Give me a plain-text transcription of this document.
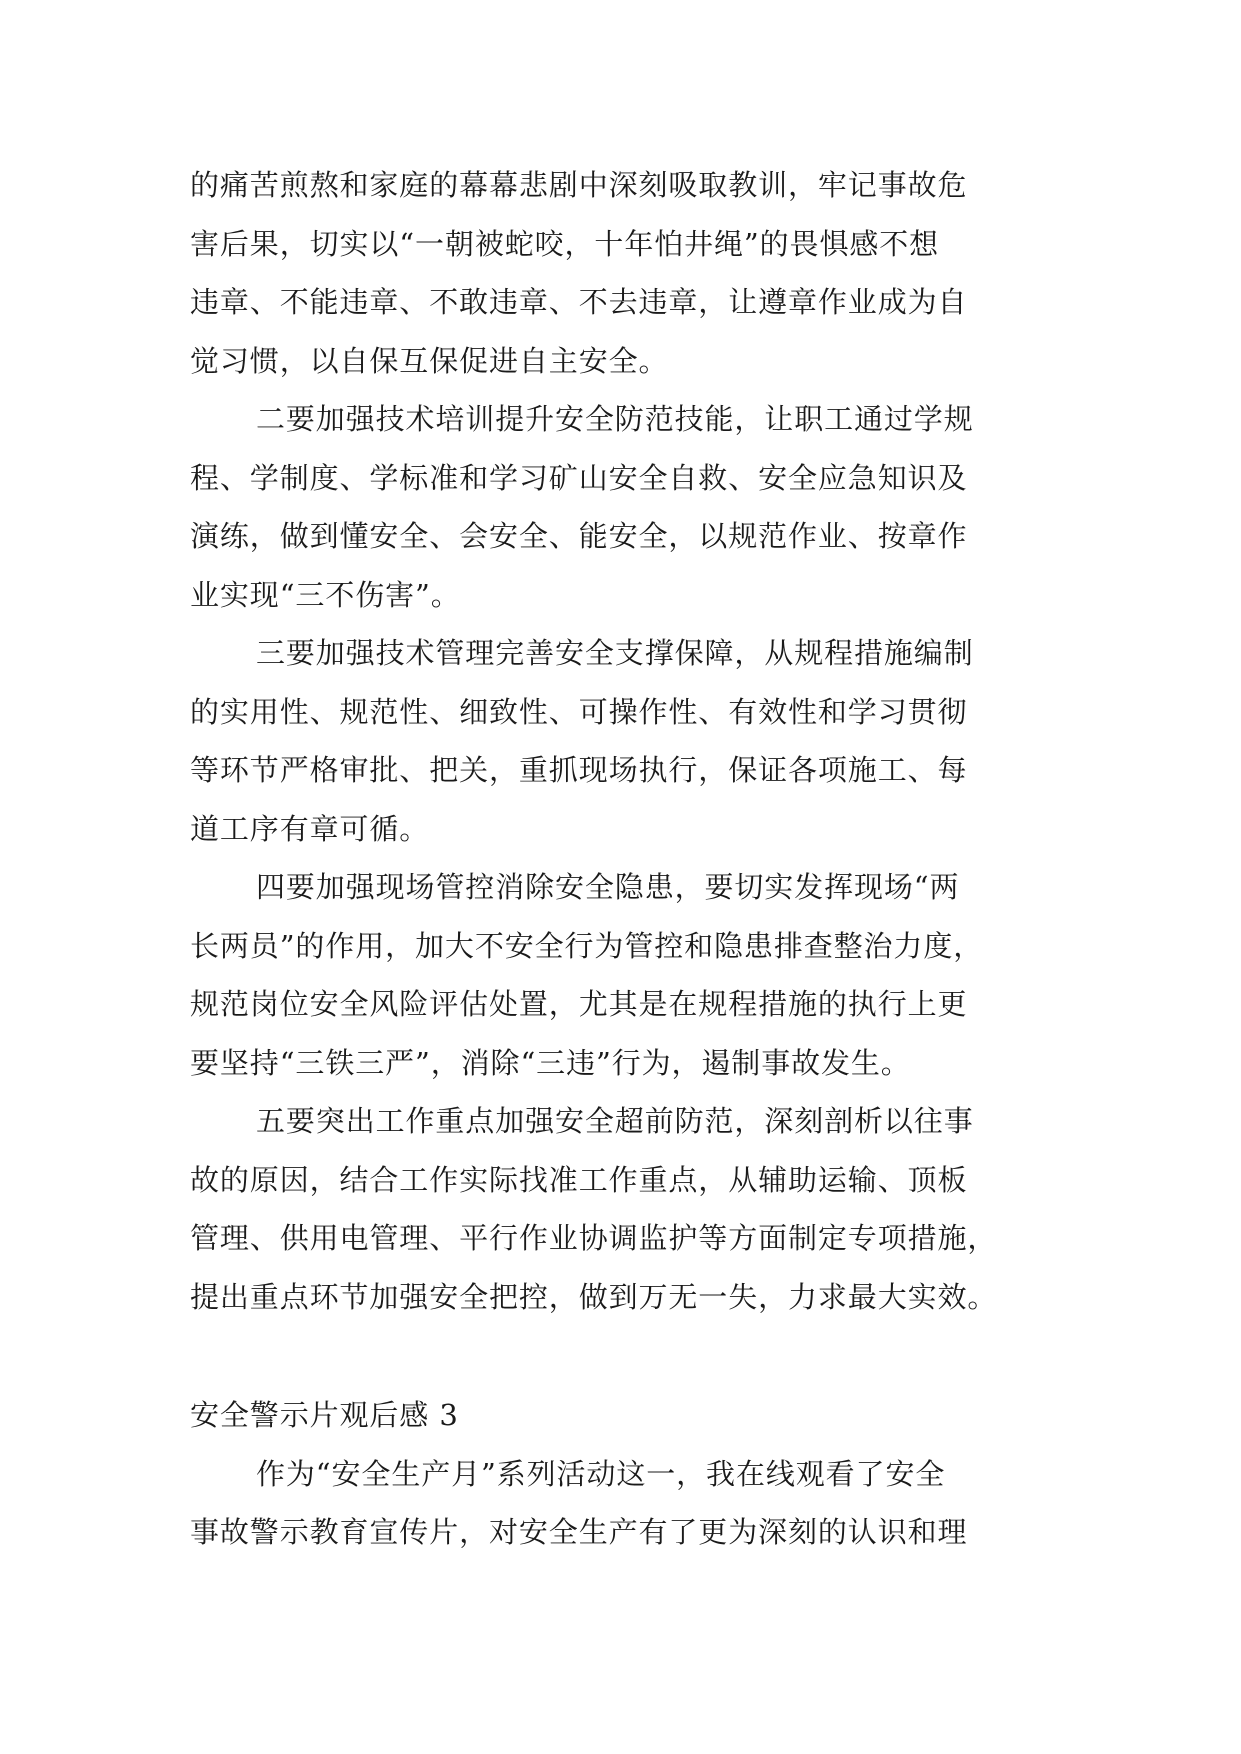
的痛苦煎熬和家庭的幕幕悲剧中深刻吸取教训，牢记事故危
害后果，切实以“一朝被蛇咬，十年怕井绳”的畏惧感不想
违章、不能违章、不敢违章、不去违章，让遵章作业成为自
觉习惯，以自保互保促进自主安全。
二要加强技术培训提升安全防范技能，让职工通过学规
程、学制度、学标准和学习矿山安全自救、安全应急知识及
演练，做到懂安全、会安全、能安全，以规范作业、按章作
业实现“三不伤害”。
三要加强技术管理完善安全支撑保障，从规程措施编制
的实用性、规范性、细致性、可操作性、有效性和学习贯彻
等环节严格审批、把关，重抓现场执行，保证各项施工、每
道工序有章可循。
四要加强现场管控消除安全隐患，要切实发挥现场“两
长两员”的作用，加大不安全行为管控和隐患排查整治力度，
规范岗位安全风险评估处置，尤其是在规程措施的执行上更
要坚持“三铁三严”，消除“三违”行为，遏制事故发生。
五要突出工作重点加强安全超前防范，深刻剖析以往事
故的原因，结合工作实际找准工作重点，从辅助运输、顶板
管理、供用电管理、平行作业协调监护等方面制定专项措施，
提出重点环节加强安全把控，做到万无一失，力求最大实效。
安全警示片观后感 3
作为“安全生产月”系列活动这一，我在线观看了安全
事故警示教育宣传片，对安全生产有了更为深刻的认识和理
